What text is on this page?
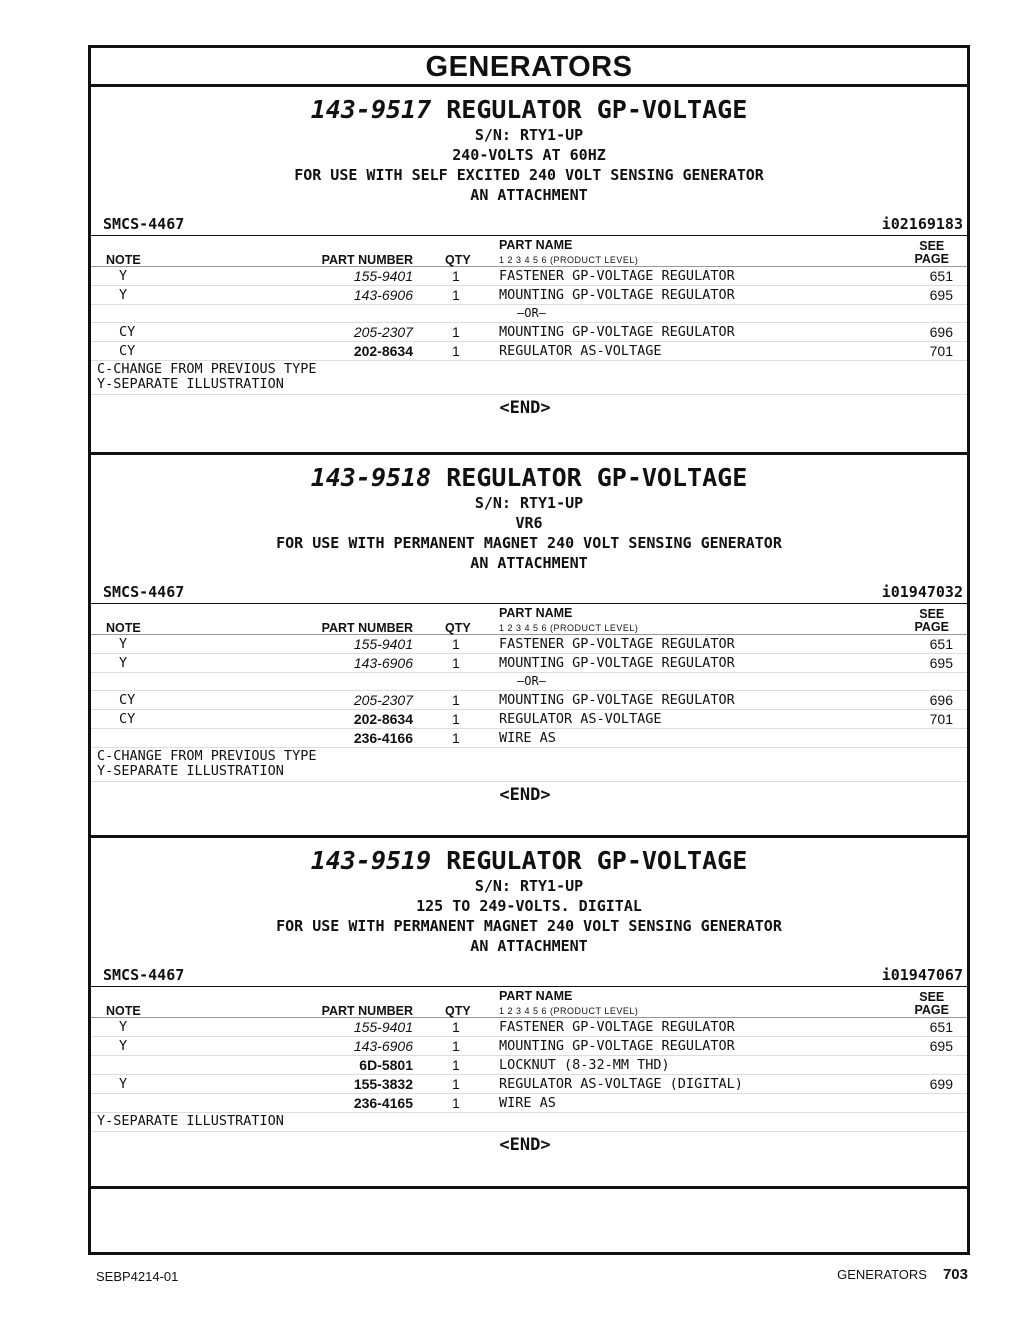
GENERATORS
143-9517 REGULATOR GP-VOLTAGE
S/N: RTY1-UP
240-VOLTS AT 60HZ
FOR USE WITH SELF EXCITED 240 VOLT SENSING GENERATOR
AN ATTACHMENT
SMCS-4467	i02169183
NOTE	PART NUMBER	QTY
PART NAME
1 2 3 4 5 6 (PRODUCT LEVEL)
SEE
PAGE
Y	155-9401	1	FASTENER GP-VOLTAGE REGULATOR	651
Y	143-6906	1	MOUNTING GP-VOLTAGE REGULATOR	695
—OR—
CY	205-2307	1	MOUNTING GP-VOLTAGE REGULATOR	696
CY	202-8634	1	REGULATOR AS-VOLTAGE	701
C-CHANGE FROM PREVIOUS TYPE
Y-SEPARATE ILLUSTRATION
<END>
143-9518 REGULATOR GP-VOLTAGE
S/N: RTY1-UP
VR6
FOR USE WITH PERMANENT MAGNET 240 VOLT SENSING GENERATOR
AN ATTACHMENT
SMCS-4467	i01947032
NOTE	PART NUMBER	QTY
PART NAME
1 2 3 4 5 6 (PRODUCT LEVEL)
SEE
PAGE
Y	155-9401	1	FASTENER GP-VOLTAGE REGULATOR	651
Y	143-6906	1	MOUNTING GP-VOLTAGE REGULATOR	695
—OR—
CY	205-2307	1	MOUNTING GP-VOLTAGE REGULATOR	696
CY	202-8634	1	REGULATOR AS-VOLTAGE	701
236-4166	1	WIRE AS
C-CHANGE FROM PREVIOUS TYPE
Y-SEPARATE ILLUSTRATION
<END>
143-9519 REGULATOR GP-VOLTAGE
S/N: RTY1-UP
125 TO 249-VOLTS. DIGITAL
FOR USE WITH PERMANENT MAGNET 240 VOLT SENSING GENERATOR
AN ATTACHMENT
SMCS-4467	i01947067
NOTE	PART NUMBER	QTY
PART NAME
1 2 3 4 5 6 (PRODUCT LEVEL)
SEE
PAGE
Y	155-9401	1	FASTENER GP-VOLTAGE REGULATOR	651
Y	143-6906	1	MOUNTING GP-VOLTAGE REGULATOR	695
6D-5801	1	LOCKNUT (8-32-MM THD)
Y	155-3832	1	REGULATOR AS-VOLTAGE (DIGITAL)	699
236-4165	1	WIRE AS
Y-SEPARATE ILLUSTRATION
<END>
SEBP4214-01	GENERATORS 703
